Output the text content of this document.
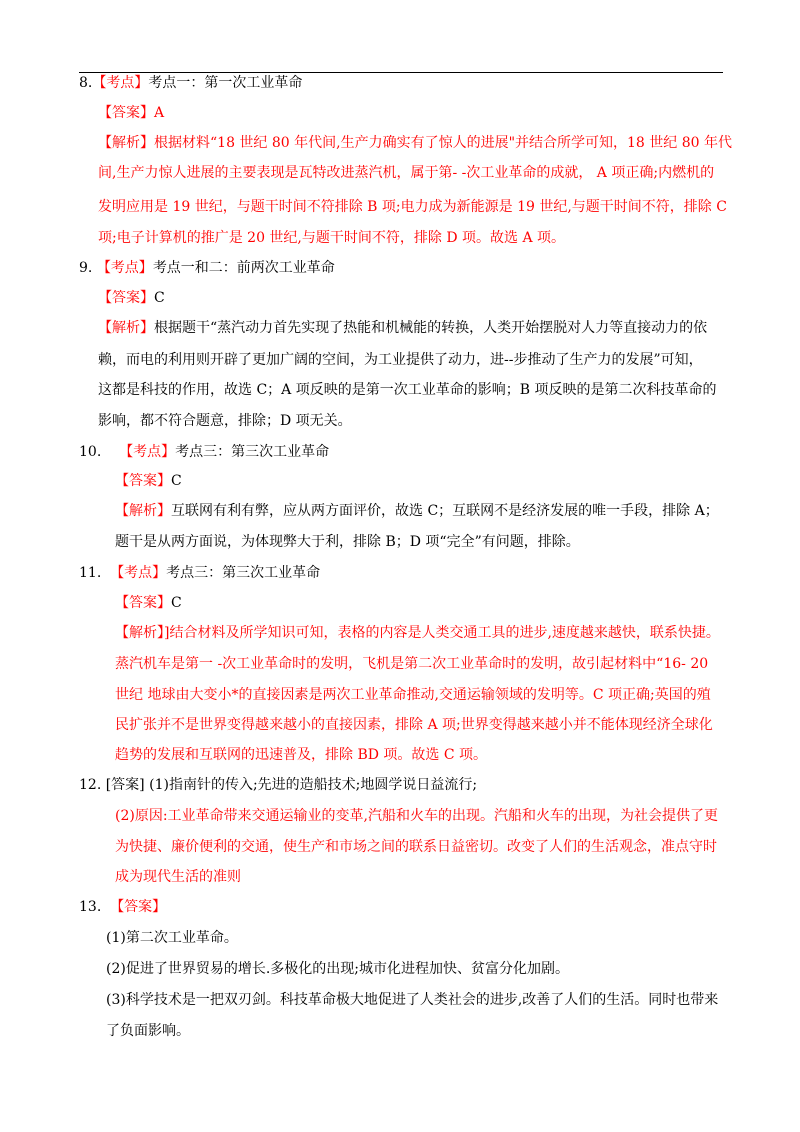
8.【考点】考点一：第一次工业革命
【答案】A
【解析】根据材料“18 世纪 80 年代间,生产力确实有了惊人的进展"并结合所学可知，18 世纪 80 年代
间,生产力惊人进展的主要表现是瓦特改进蒸汽机，属于第- -次工业革命的成就， A 项正确;内燃机的
发明应用是 19 世纪，与题干时间不符排除 B 项;电力成为新能源是 19 世纪,与题干时间不符，排除 C
项;电子计算机的推广是 20 世纪,与题干时间不符，排除 D 项。故选 A 项。
9. 【考点】考点一和二：前两次工业革命
【答案】C
【解析】根据题干“蒸汽动力首先实现了热能和机械能的转换，人类开始摆脱对人力等直接动力的依
赖，而电的利用则开辟了更加广阔的空间，为工业提供了动力，进--步推动了生产力的发展”可知，
这都是科技的作用，故选 C；A 项反映的是第一次工业革命的影响；B 项反映的是第二次科技革命的
影响，都不符合题意，排除；D 项无关。
10. 【考点】考点三：第三次工业革命
【答案】C
【解析】互联网有利有弊，应从两方面评价，故选 C；互联网不是经济发展的唯一手段，排除 A；
题干是从两方面说，为体现弊大于利，排除 B；D 项“完全”有问题，排除。
11. 【考点】考点三：第三次工业革命
【答案】C
【解析】]结合材料及所学知识可知，表格的内容是人类交通工具的进步,速度越来越快，联系快捷。
蒸汽机车是第一 -次工业革命时的发明，飞机是第二次工业革命时的发明，故引起材料中“16- 20
世纪 地球由大变小*的直接因素是两次工业革命推动,交通运输领域的发明等。C 项正确;英国的殖
民扩张并不是世界变得越来越小的直接因素，排除 A 项;世界变得越来越小并不能体现经济全球化
趋势的发展和互联网的迅速普及，排除 BD 项。故选 C 项。
12. [答案] (1)指南针的传入;先进的造船技术;地圆学说日益流行;
(2)原因:工业革命带来交通运输业的变革,汽船和火车的出现。汽船和火车的出现，为社会提供了更
为快捷、廉价便利的交通，使生产和市场之间的联系日益密切。改变了人们的生活观念，准点守时
成为现代生活的准则
13. 【答案】
(1)第二次工业革命。
(2)促进了世界贸易的增长.多极化的出现;城市化进程加快、贫富分化加剧。
(3)科学技术是一把双刃剑。科技革命极大地促进了人类社会的进步,改善了人们的生活。同时也带来
了负面影响。
